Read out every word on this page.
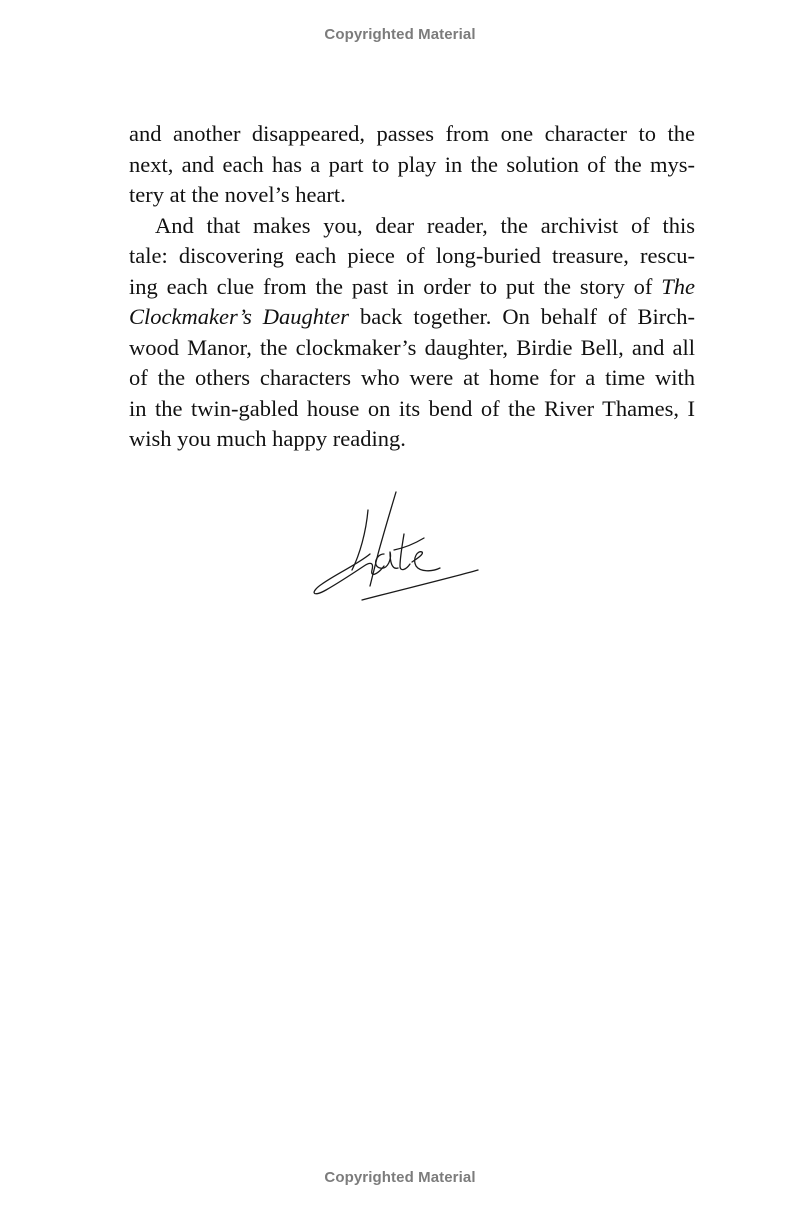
Copyrighted Material
and another disappeared, passes from one character to the
next, and each has a part to play in the solution of the mys-
tery at the novel’s heart.
And that makes you, dear reader, the archivist of this
tale: discovering each piece of long-buried treasure, rescu-
ing each clue from the past in order to put the story of The
Clockmaker’s Daughter back together. On behalf of Birch-
wood Manor, the clockmaker’s daughter, Birdie Bell, and all
of the others characters who were at home for a time with
in the twin-gabled house on its bend of the River Thames, I
wish you much happy reading.
Copyrighted Material
